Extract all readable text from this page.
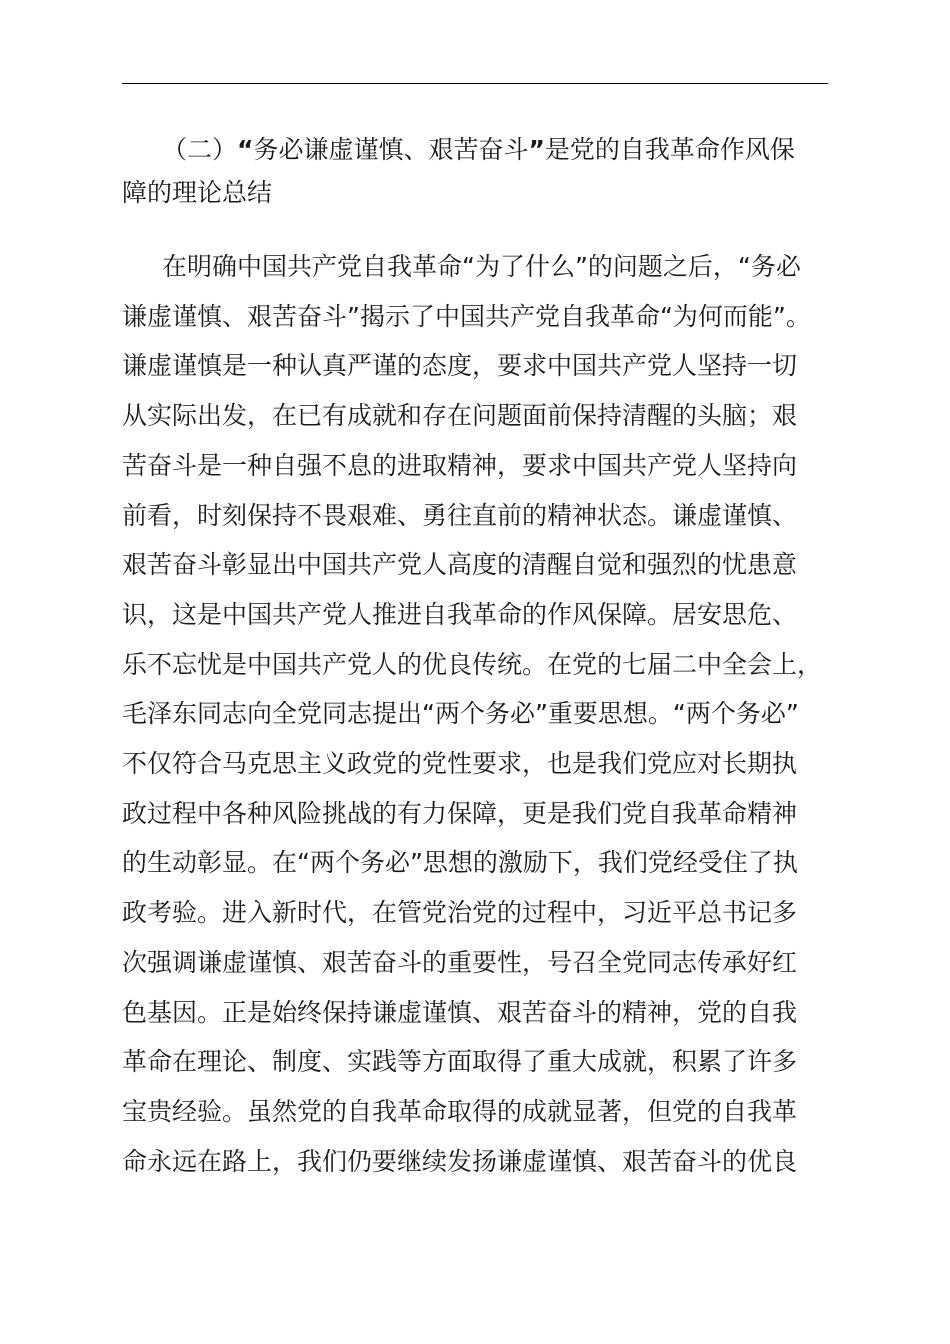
（二）“务必谦虚谨慎、艰苦奋斗”是党的自我革命作风保
障的理论总结

在明确中国共产党自我革命“为了什么”的问题之后，“务必
谦虚谨慎、艰苦奋斗”揭示了中国共产党自我革命“为何而能”。
谦虚谨慎是一种认真严谨的态度，要求中国共产党人坚持一切
从实际出发，在已有成就和存在问题面前保持清醒的头脑；艰
苦奋斗是一种自强不息的进取精神，要求中国共产党人坚持向
前看，时刻保持不畏艰难、勇往直前的精神状态。谦虚谨慎、
艰苦奋斗彰显出中国共产党人高度的清醒自觉和强烈的忧患意
识，这是中国共产党人推进自我革命的作风保障。居安思危、
乐不忘忧是中国共产党人的优良传统。在党的七届二中全会上，
毛泽东同志向全党同志提出“两个务必”重要思想。“两个务必”
不仅符合马克思主义政党的党性要求，也是我们党应对长期执
政过程中各种风险挑战的有力保障，更是我们党自我革命精神
的生动彰显。在“两个务必”思想的激励下，我们党经受住了执
政考验。进入新时代，在管党治党的过程中，习近平总书记多
次强调谦虚谨慎、艰苦奋斗的重要性，号召全党同志传承好红
色基因。正是始终保持谦虚谨慎、艰苦奋斗的精神，党的自我
革命在理论、制度、实践等方面取得了重大成就，积累了许多
宝贵经验。虽然党的自我革命取得的成就显著，但党的自我革
命永远在路上，我们仍要继续发扬谦虚谨慎、艰苦奋斗的优良
